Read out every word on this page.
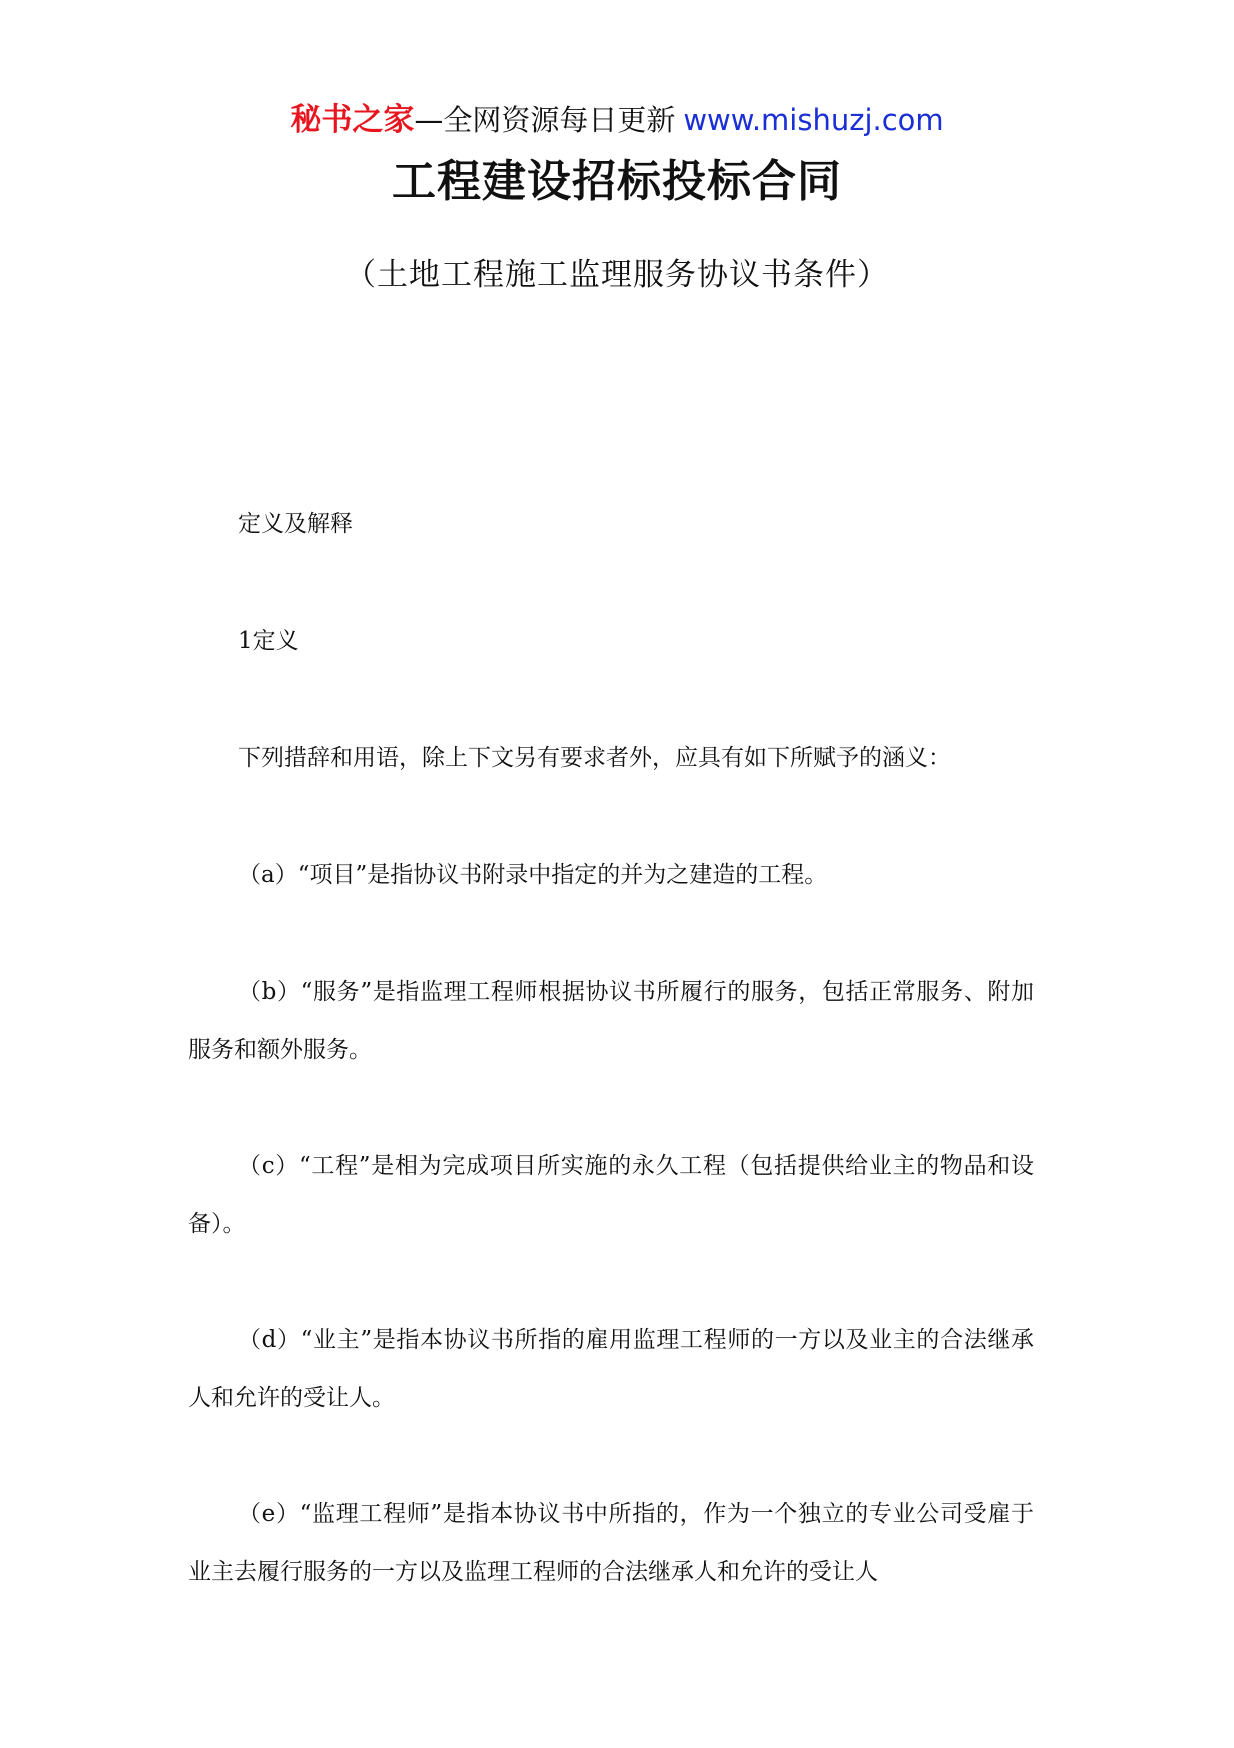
秘书之家—全网资源每日更新 www.mishuzj.com
工程建设招标投标合同
（土地工程施工监理服务协议书条件）

定义及解释

1定义

下列措辞和用语，除上下文另有要求者外，应具有如下所赋予的涵义：

（a）“项目”是指协议书附录中指定的并为之建造的工程。

（b）“服务”是指监理工程师根据协议书所履行的服务，包括正常服务、附加服务和额外服务。

（c）“工程”是相为完成项目所实施的永久工程（包括提供给业主的物品和设备）。

（d）“业主”是指本协议书所指的雇用监理工程师的一方以及业主的合法继承人和允许的受让人。

（e）“监理工程师”是指本协议书中所指的，作为一个独立的专业公司受雇于业主去履行服务的一方以及监理工程师的合法继承人和允许的受让人
